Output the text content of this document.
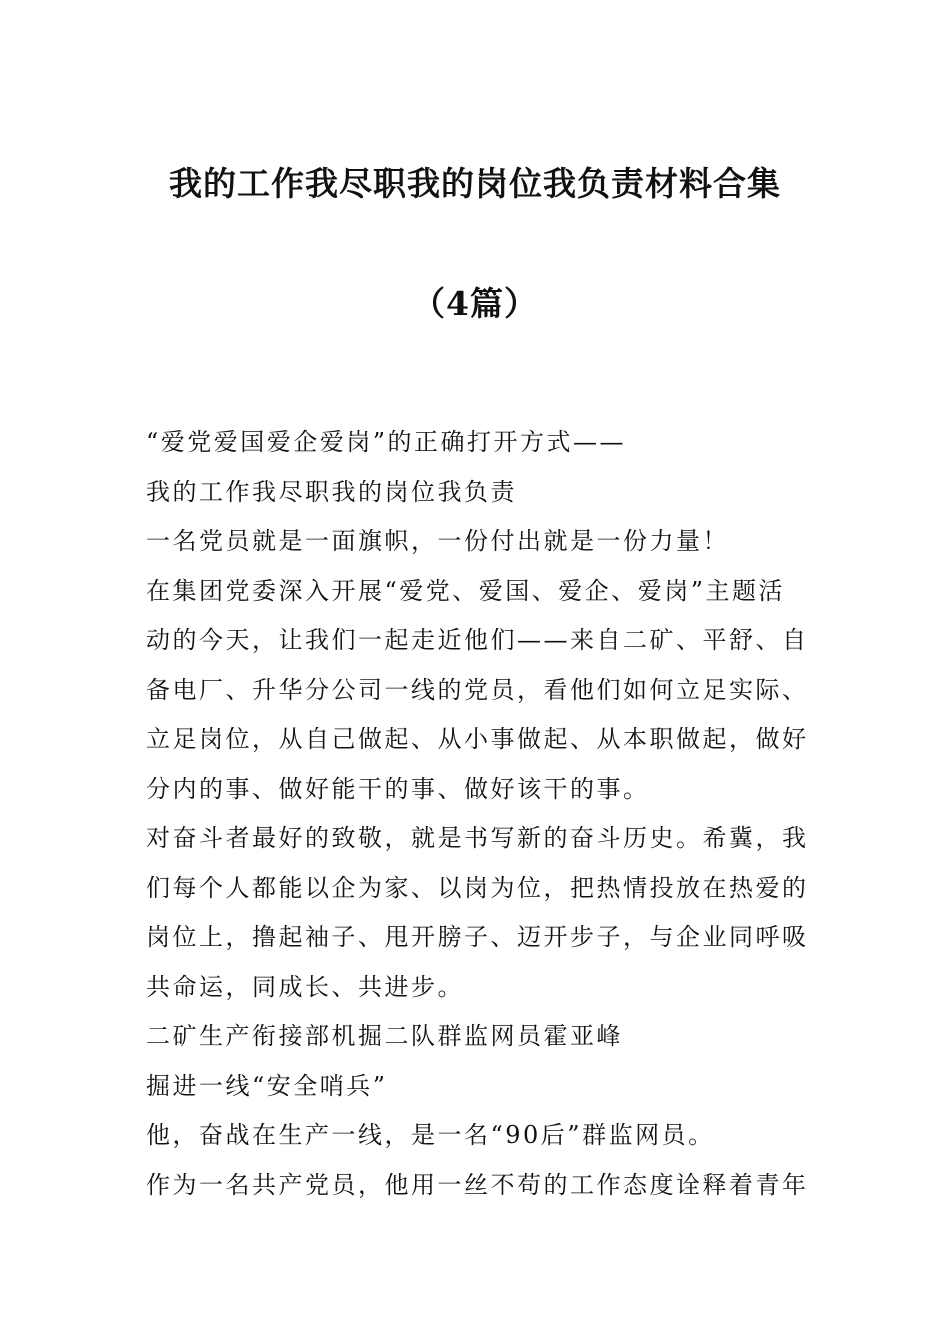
我的工作我尽职我的岗位我负责材料合集
（4篇）
“爱党爱国爱企爱岗”的正确打开方式——
我的工作我尽职我的岗位我负责
一名党员就是一面旗帜，一份付出就是一份力量！
在集团党委深入开展“爱党、爱国、爱企、爱岗”主题活
动的今天，让我们一起走近他们——来自二矿、平舒、自
备电厂、升华分公司一线的党员，看他们如何立足实际、
立足岗位，从自己做起、从小事做起、从本职做起，做好
分内的事、做好能干的事、做好该干的事。
对奋斗者最好的致敬，就是书写新的奋斗历史。希冀，我
们每个人都能以企为家、以岗为位，把热情投放在热爱的
岗位上，撸起袖子、甩开膀子、迈开步子，与企业同呼吸
共命运，同成长、共进步。
二矿生产衔接部机掘二队群监网员霍亚峰
掘进一线“安全哨兵”
他，奋战在生产一线，是一名“90后”群监网员。
作为一名共产党员，他用一丝不苟的工作态度诠释着青年
